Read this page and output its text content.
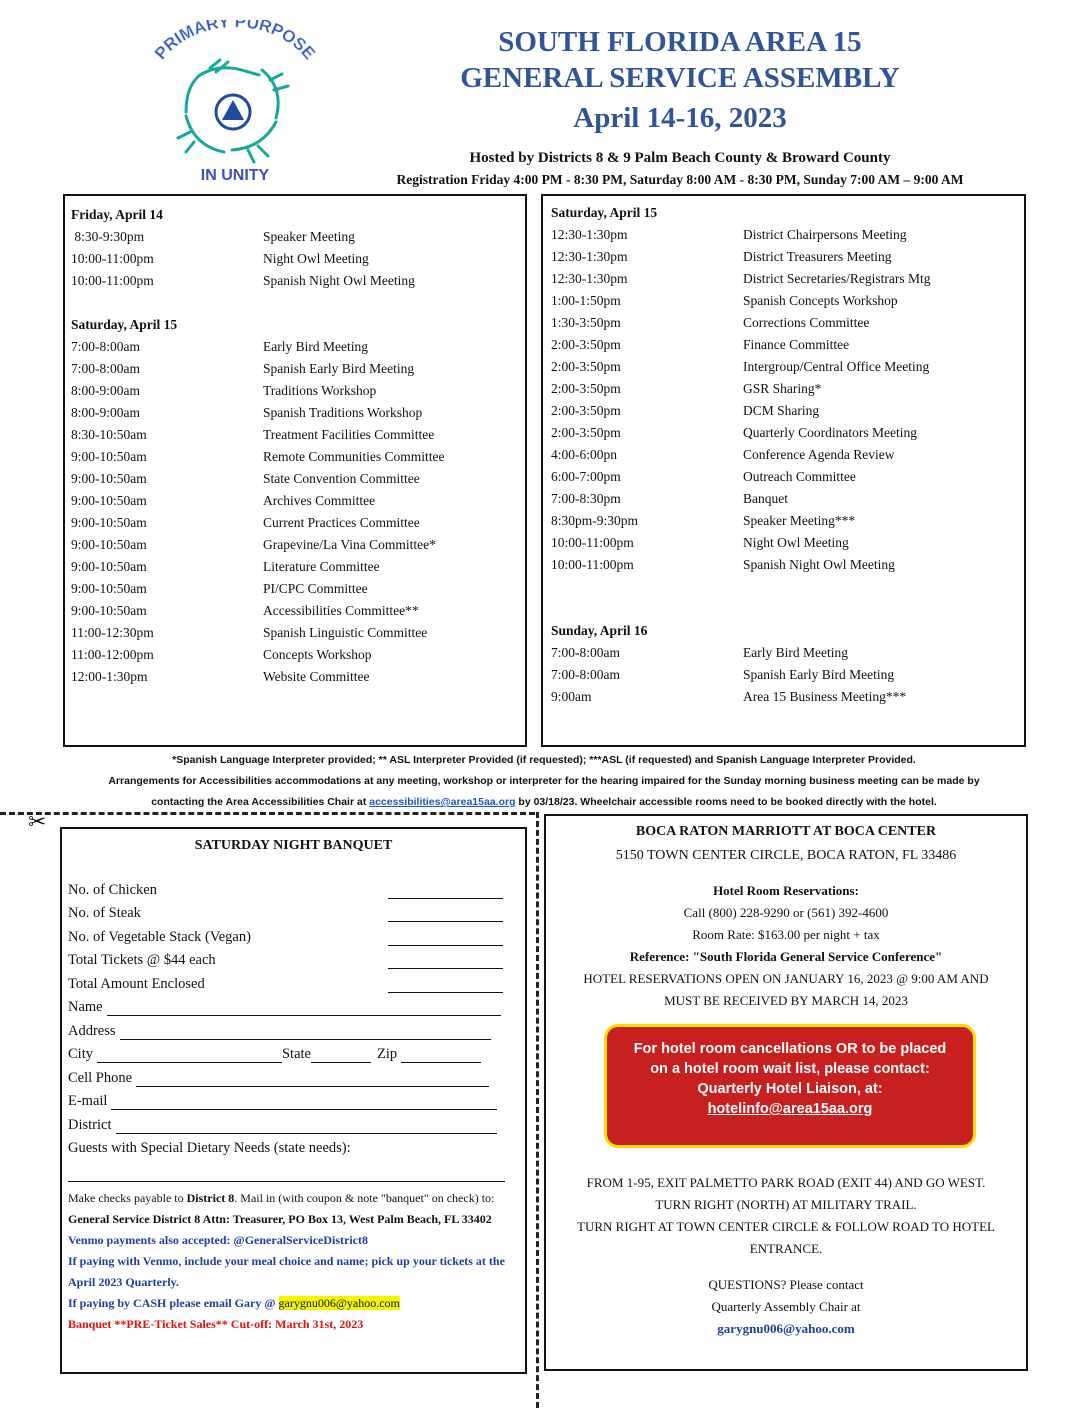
PRIMARY PURPOSE
IN UNITY
SOUTH FLORIDA AREA 15
GENERAL SERVICE ASSEMBLY
April 14-16, 2023
Hosted by Districts 8 & 9 Palm Beach County & Broward County
Registration Friday 4:00 PM - 8:30 PM, Saturday 8:00 AM - 8:30 PM, Sunday 7:00 AM – 9:00 AM
Friday, April 14
8:30-9:30pm	Speaker Meeting
10:00-11:00pm	Night Owl Meeting
10:00-11:00pm	Spanish Night Owl Meeting
Saturday, April 15
7:00-8:00am	Early Bird Meeting
7:00-8:00am	Spanish Early Bird Meeting
8:00-9:00am	Traditions Workshop
8:00-9:00am	Spanish Traditions Workshop
8:30-10:50am	Treatment Facilities Committee
9:00-10:50am	Remote Communities Committee
9:00-10:50am	State Convention Committee
9:00-10:50am	Archives Committee
9:00-10:50am	Current Practices Committee
9:00-10:50am	Grapevine/La Vina Committee*
9:00-10:50am	Literature Committee
9:00-10:50am	PI/CPC Committee
9:00-10:50am	Accessibilities Committee**
11:00-12:30pm	Spanish Linguistic Committee
11:00-12:00pm	Concepts Workshop
12:00-1:30pm	Website Committee
Saturday, April 15
12:30-1:30pm	District Chairpersons Meeting
12:30-1:30pm	District Treasurers Meeting
12:30-1:30pm	District Secretaries/Registrars Mtg
1:00-1:50pm	Spanish Concepts Workshop
1:30-3:50pm	Corrections Committee
2:00-3:50pm	Finance Committee
2:00-3:50pm	Intergroup/Central Office Meeting
2:00-3:50pm	GSR Sharing*
2:00-3:50pm	DCM Sharing
2:00-3:50pm	Quarterly Coordinators Meeting
4:00-6:00pn	Conference Agenda Review
6:00-7:00pm	Outreach Committee
7:00-8:30pm	Banquet
8:30pm-9:30pm	Speaker Meeting***
10:00-11:00pm	Night Owl Meeting
10:00-11:00pm	Spanish Night Owl Meeting
Sunday, April 16
7:00-8:00am	Early Bird Meeting
7:00-8:00am	Spanish Early Bird Meeting
9:00am	Area 15 Business Meeting***
*Spanish Language Interpreter provided; ** ASL Interpreter Provided (if requested); ***ASL (if requested) and Spanish Language Interpreter Provided.
Arrangements for Accessibilities accommodations at any meeting, workshop or interpreter for the hearing impaired for the Sunday morning business meeting can be made by
contacting the Area Accessibilities Chair at accessibilities@area15aa.org by 03/18/23. Wheelchair accessible rooms need to be booked directly with the hotel.
✂
SATURDAY NIGHT BANQUET
No. of Chicken
No. of Steak
No. of Vegetable Stack (Vegan)
Total Tickets @ $44 each
Total Amount Enclosed
Name
Address
City	State	Zip
Cell Phone
E-mail
District
Guests with Special Dietary Needs (state needs):
Make checks payable to District 8. Mail in (with coupon & note "banquet" on check) to:
General Service District 8 Attn: Treasurer, PO Box 13, West Palm Beach, FL 33402
Venmo payments also accepted: @GeneralServiceDistrict8
If paying with Venmo, include your meal choice and name; pick up your tickets at the April 2023 Quarterly.
If paying by CASH please email Gary @ garygnu006@yahoo.com
Banquet **PRE-Ticket Sales** Cut-off: March 31st, 2023
BOCA RATON MARRIOTT AT BOCA CENTER
5150 TOWN CENTER CIRCLE, BOCA RATON, FL 33486
Hotel Room Reservations:
Call (800) 228-9290 or (561) 392-4600
Room Rate: $163.00 per night + tax
Reference: "South Florida General Service Conference"
HOTEL RESERVATIONS OPEN ON JANUARY 16, 2023 @ 9:00 AM AND
MUST BE RECEIVED BY MARCH 14, 2023
For hotel room cancellations OR to be placed
on a hotel room wait list, please contact:
Quarterly Hotel Liaison, at:
hotelinfo@area15aa.org
FROM 1-95, EXIT PALMETTO PARK ROAD (EXIT 44) AND GO WEST.
TURN RIGHT (NORTH) AT MILITARY TRAIL.
TURN RIGHT AT TOWN CENTER CIRCLE & FOLLOW ROAD TO HOTEL
ENTRANCE.
QUESTIONS? Please contact
Quarterly Assembly Chair at
garygnu006@yahoo.com
